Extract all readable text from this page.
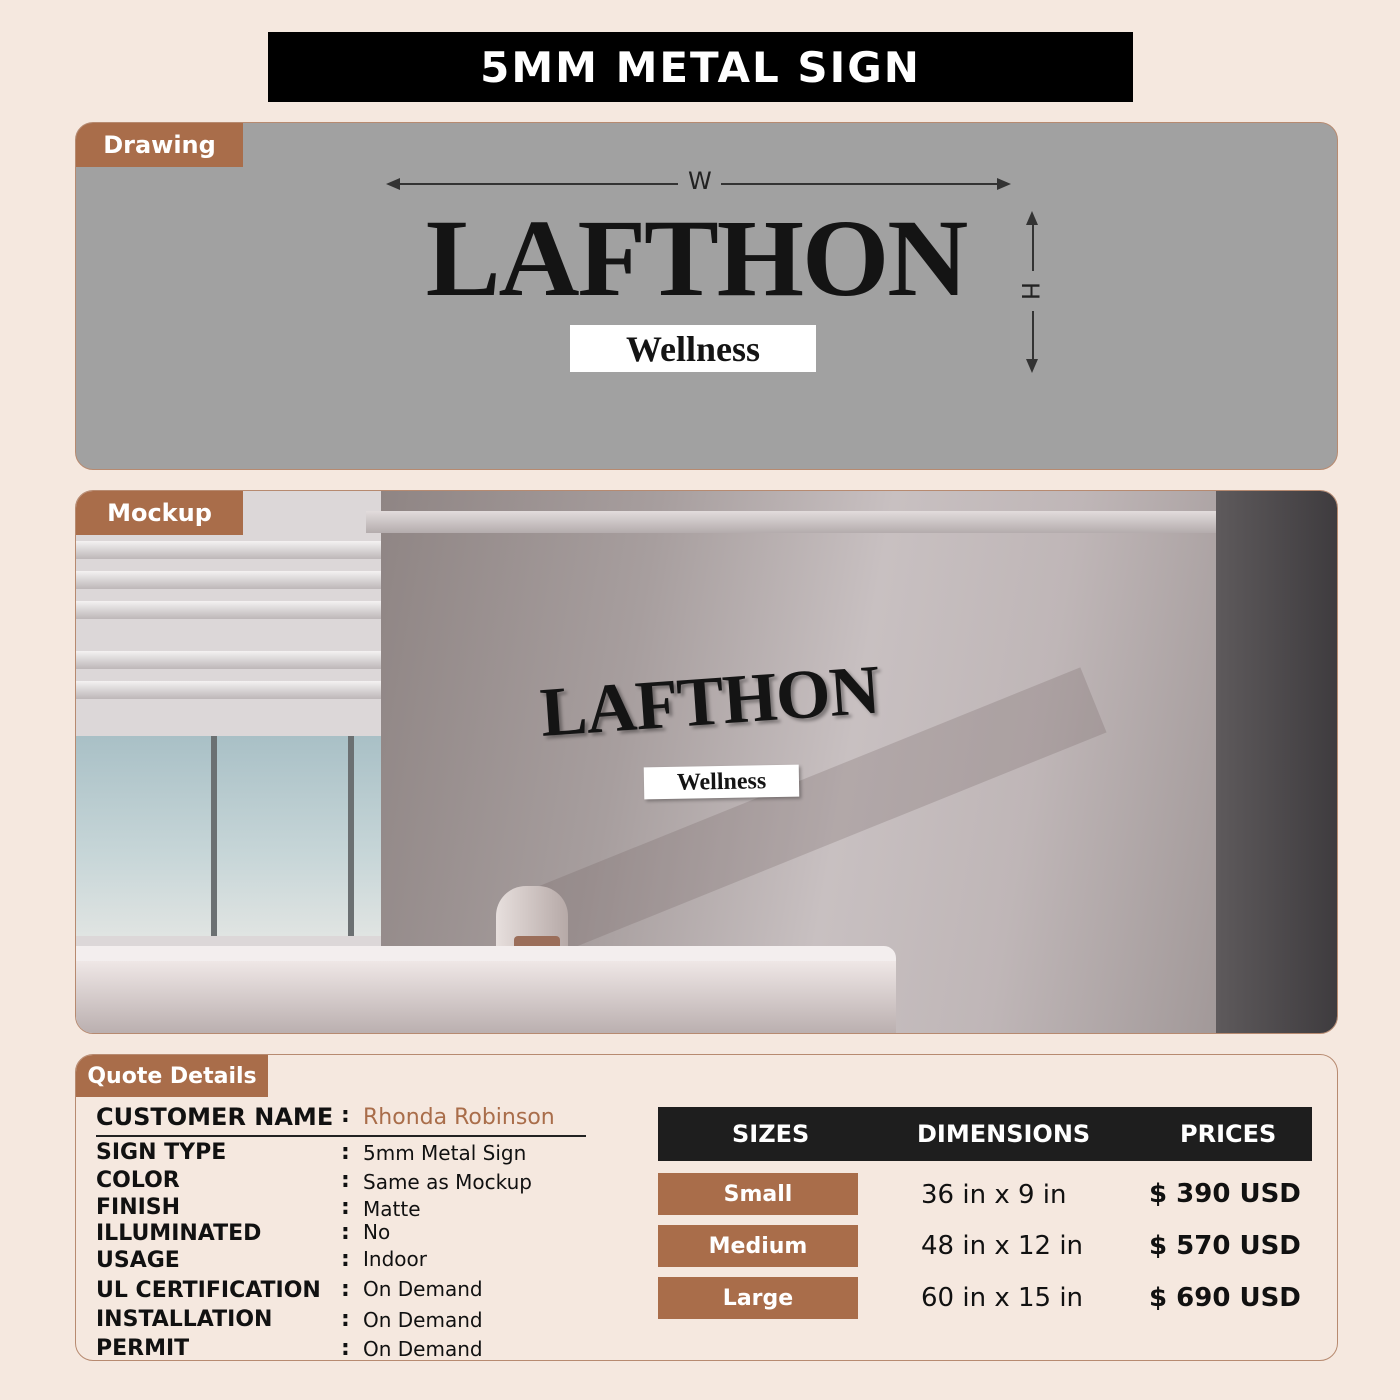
5MM METAL SIGN
Drawing
W
H
LAFTHON
Wellness
LAFTHON
Wellness
Mockup
Quote Details
CUSTOMER NAME : Rhonda Robinson
SIGN TYPE	: 5mm Metal Sign
COLOR	: Same as Mockup
FINISH	: Matte
ILLUMINATED	: No
USAGE	: Indoor
UL CERTIFICATION : On Demand
INSTALLATION	: On Demand
PERMIT	: On Demand
SIZES	DIMENSIONS	PRICES
Small	36 in x 9 in	$ 390 USD
Medium	48 in x 12 in	$ 570 USD
Large	60 in x 15 in	$ 690 USD
